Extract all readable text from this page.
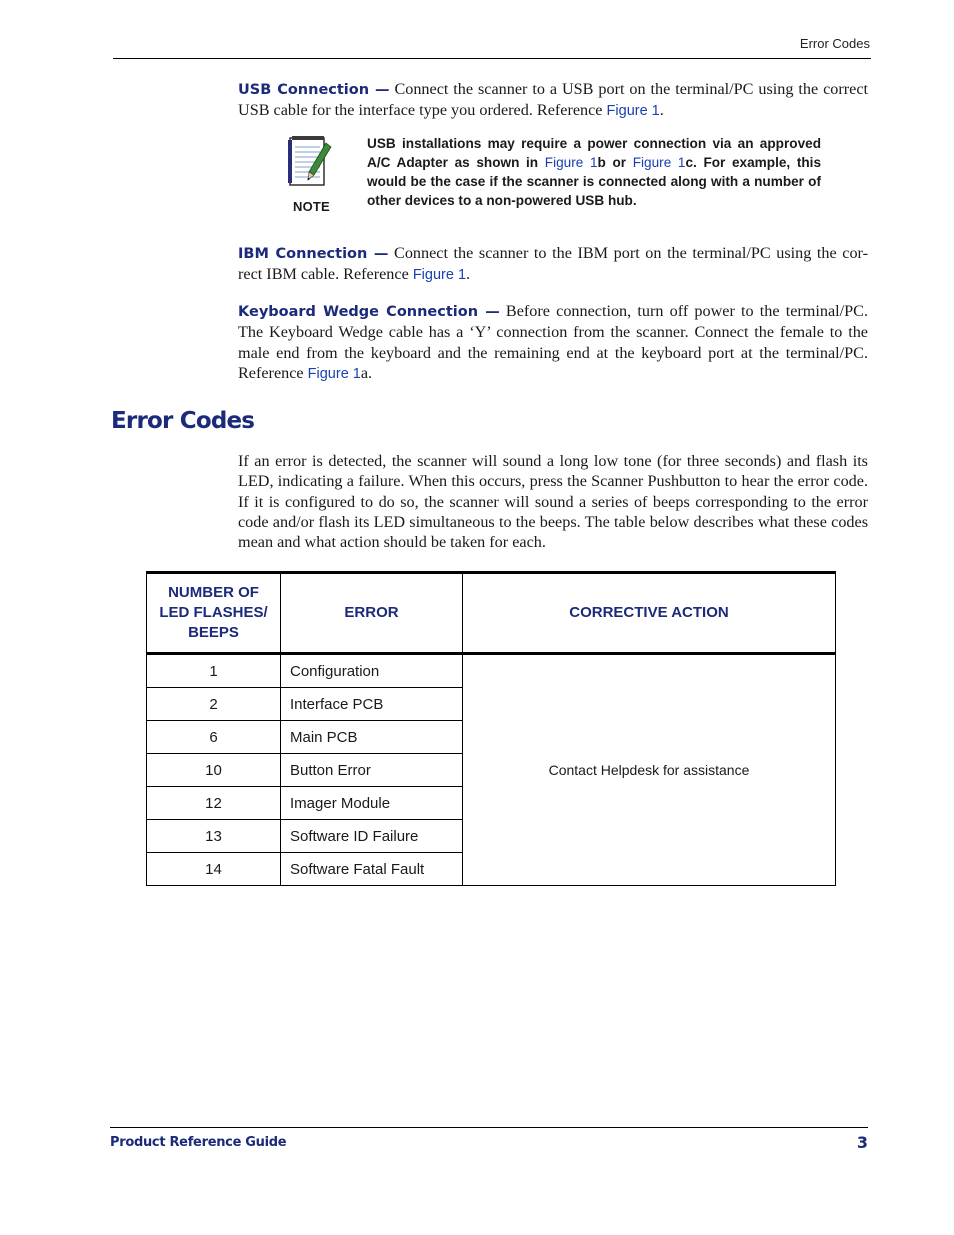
Error Codes

USB Connection — Connect the scanner to a USB port on the terminal/PC using the correct USB cable for the interface type you ordered. Reference Figure 1.

NOTE

USB installations may require a power connection via an approved A/C Adapter as shown in Figure 1b or Figure 1c. For example, this would be the case if the scanner is connected along with a number of other devices to a non-powered USB hub.

IBM Connection — Connect the scanner to the IBM port on the terminal/PC using the cor-rect IBM cable. Reference Figure 1.

Keyboard Wedge Connection — Before connection, turn off power to the terminal/PC. The Keyboard Wedge cable has a ‘Y’ connection from the scanner. Connect the female to the male end from the keyboard and the remaining end at the keyboard port at the terminal/PC. Reference Figure 1a.

Error Codes

If an error is detected, the scanner will sound a long low tone (for three seconds) and flash its LED, indicating a failure. When this occurs, press the Scanner Pushbutton to hear the error code. If it is configured to do so, the scanner will sound a series of beeps corresponding to the error code and/or flash its LED simultaneous to the beeps. The table below describes what these codes mean and what action should be taken for each.

NUMBER OF LED FLASHES/ BEEPS	ERROR	CORRECTIVE ACTION
1	Configuration	Contact Helpdesk for assistance
2	Interface PCB	
6	Main PCB	
10	Button Error	
12	Imager Module	
13	Software ID Failure	
14	Software Fatal Fault	
Product Reference Guide	3
